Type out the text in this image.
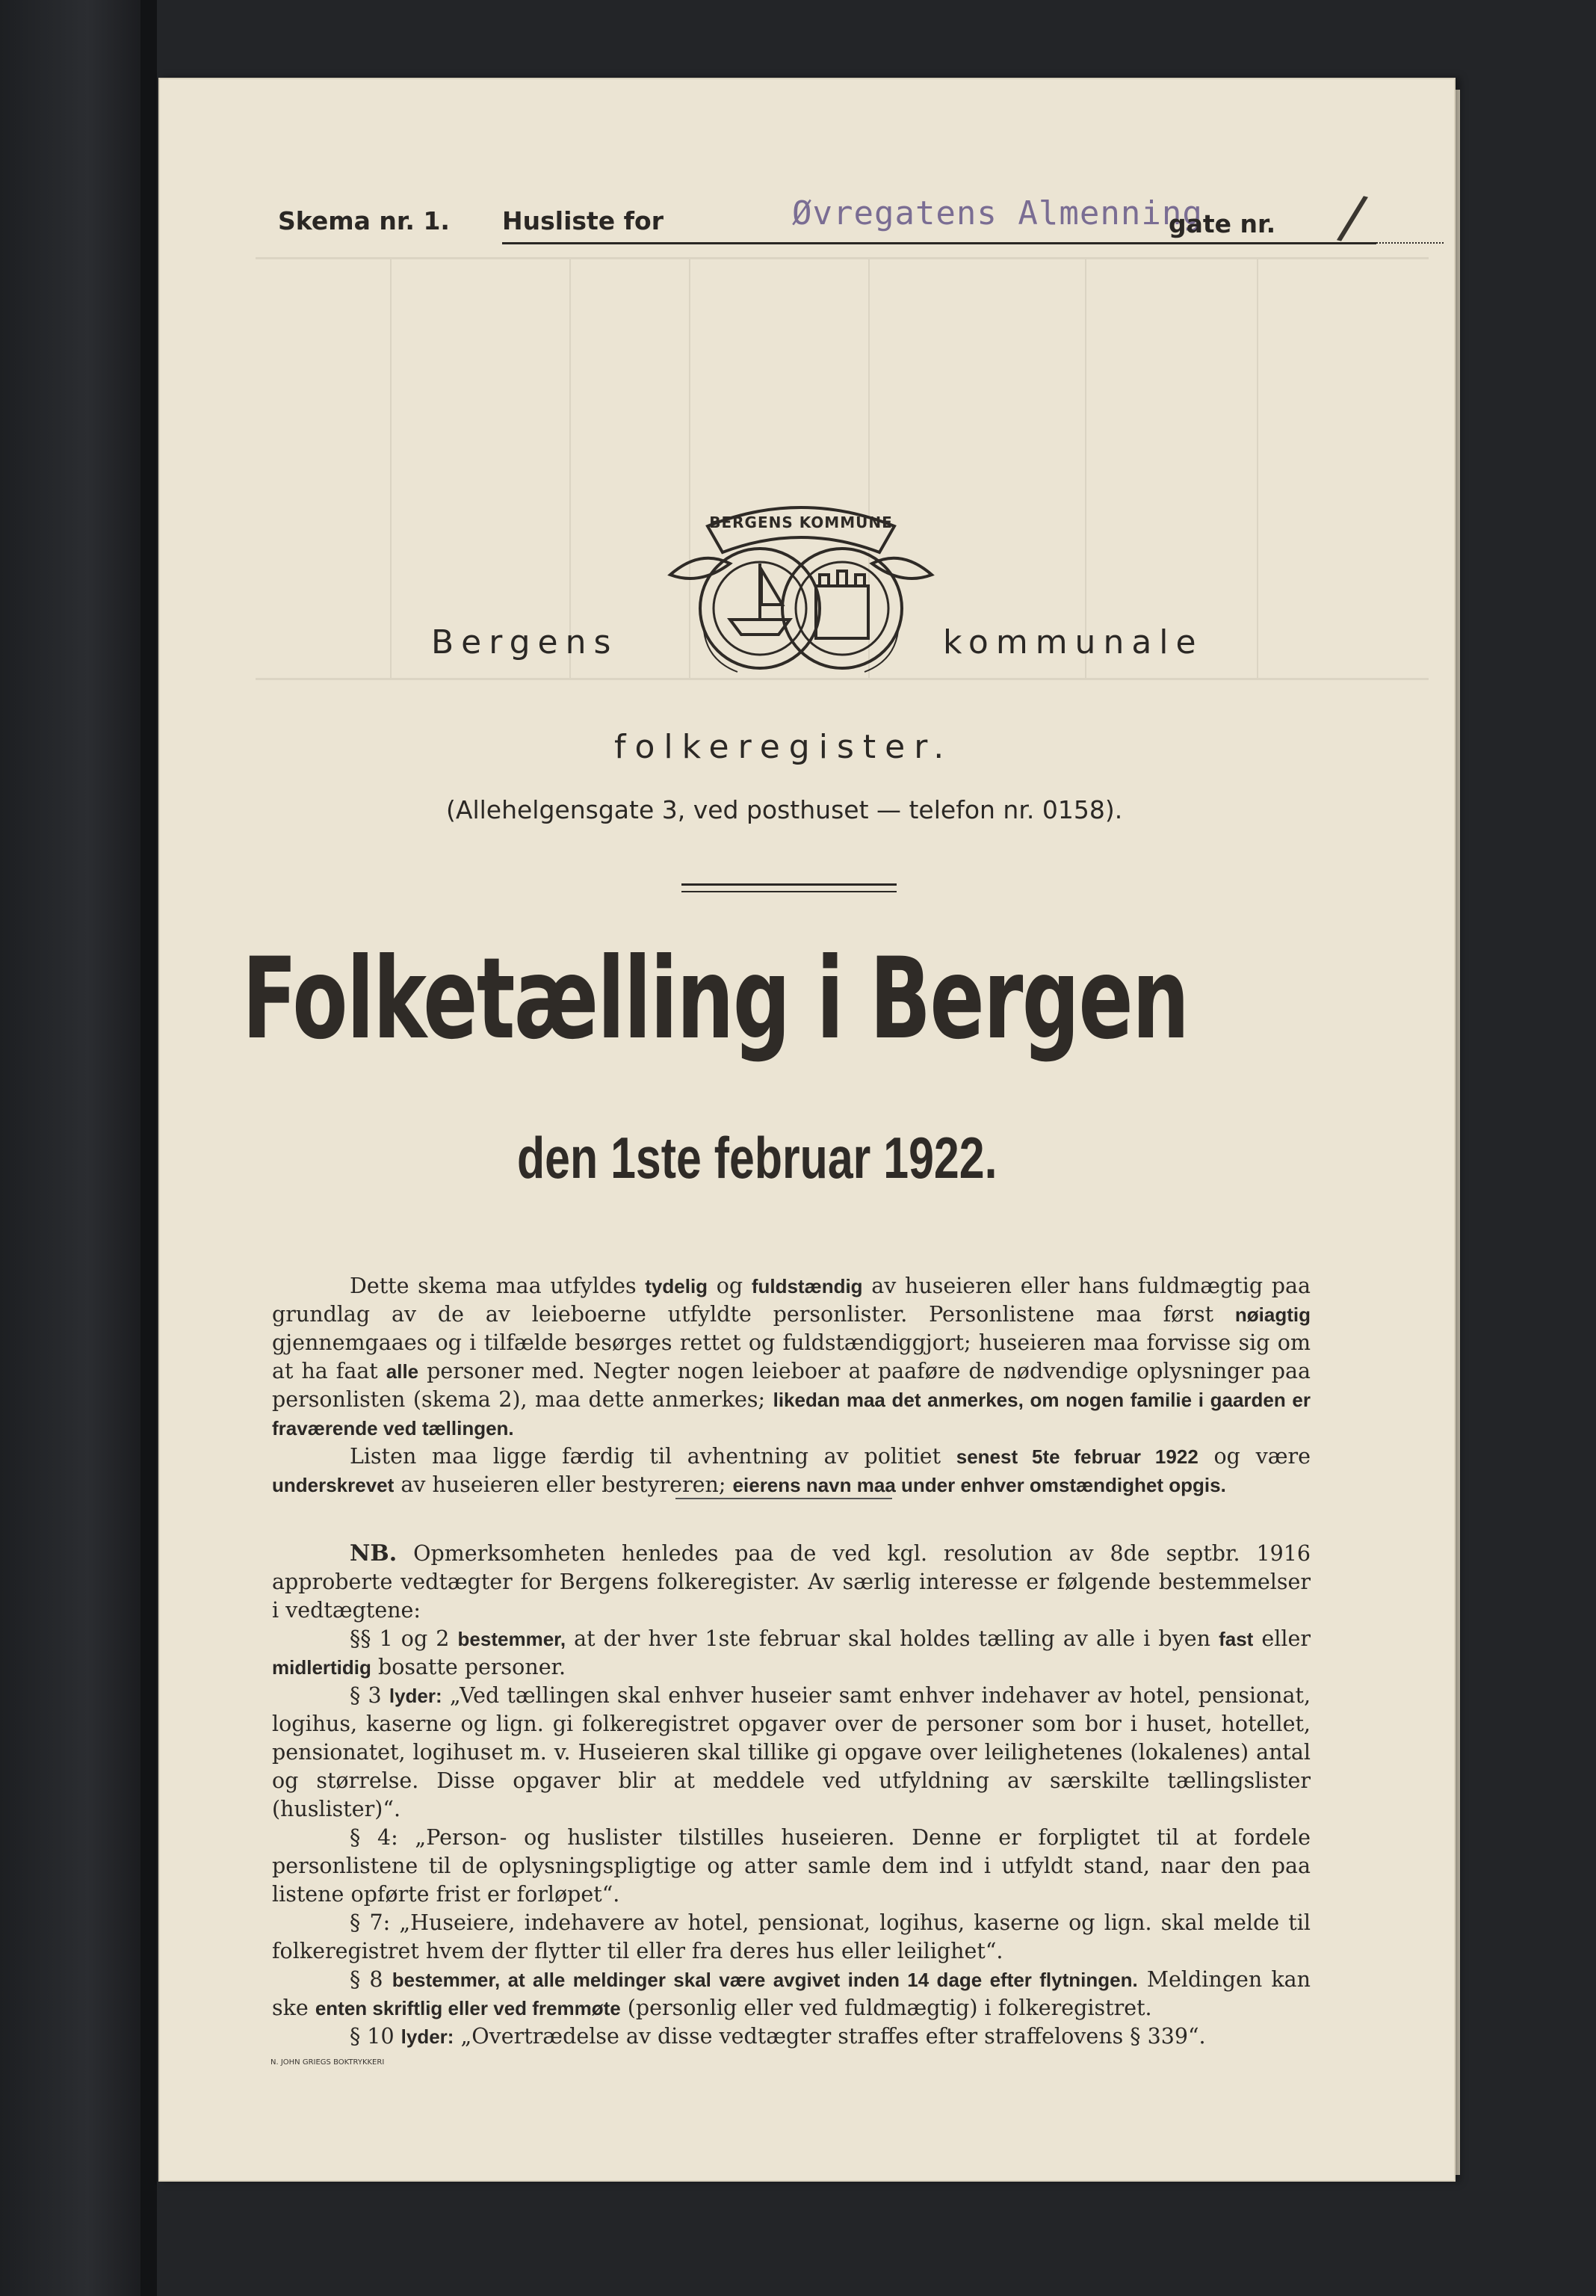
Skema nr. 1. Husliste for	Øvregatens Almenning
gate nr. /
Bergens	kommunale
BERGENS KOMMUNE
folkeregister.
(Allehelgensgate 3, ved posthuset — telefon nr. 0158).
Folketælling i Bergen
den 1ste februar 1922.

Dette skema maa utfyldes tydelig og fuldstændig av huseieren eller hans fuldmægtig paa grundlag av de av leieboerne utfyldte personlister. Personlistene maa først nøiagtig gjennemgaaes og i tilfælde besørges rettet og fuldstændiggjort; huseieren maa forvisse sig om at ha faat alle personer med. Negter nogen leieboer at paaføre de nødvendige oplysninger paa personlisten (skema 2), maa dette anmerkes; likedan maa det anmerkes, om nogen familie i gaarden er fraværende ved tællingen.

Listen maa ligge færdig til avhentning av politiet senest 5te februar 1922 og være underskrevet av huseieren eller bestyreren; eierens navn maa under enhver omstændighet opgis.

NB. Opmerksomheten henledes paa de ved kgl. resolution av 8de septbr. 1916 approberte vedtægter for Bergens folkeregister. Av særlig interesse er følgende bestemmelser i vedtægtene:

§§ 1 og 2 bestemmer, at der hver 1ste februar skal holdes tælling av alle i byen fast eller midlertidig bosatte personer.

§ 3 lyder: „Ved tællingen skal enhver huseier samt enhver indehaver av hotel, pensionat, logihus, kaserne og lign. gi folkeregistret opgaver over de personer som bor i huset, hotellet, pensionatet, logihuset m. v. Huseieren skal tillike gi opgave over leilighetenes (lokalenes) antal og størrelse. Disse opgaver blir at meddele ved utfyldning av særskilte tællingslister (huslister)“.

§ 4: „Person- og huslister tilstilles huseieren. Denne er forpligtet til at fordele personlistene til de oplysningspligtige og atter samle dem ind i utfyldt stand, naar den paa listene opførte frist er forløpet“.

§ 7: „Huseiere, indehavere av hotel, pensionat, logihus, kaserne og lign. skal melde til folkeregistret hvem der flytter til eller fra deres hus eller leilighet“.

§ 8 bestemmer, at alle meldinger skal være avgivet inden 14 dage efter flytningen. Meldingen kan ske enten skriftlig eller ved fremmøte (personlig eller ved fuldmægtig) i folkeregistret.

§ 10 lyder: „Overtrædelse av disse vedtægter straffes efter straffelovens § 339“.

N. JOHN GRIEGS BOKTRYKKERI
